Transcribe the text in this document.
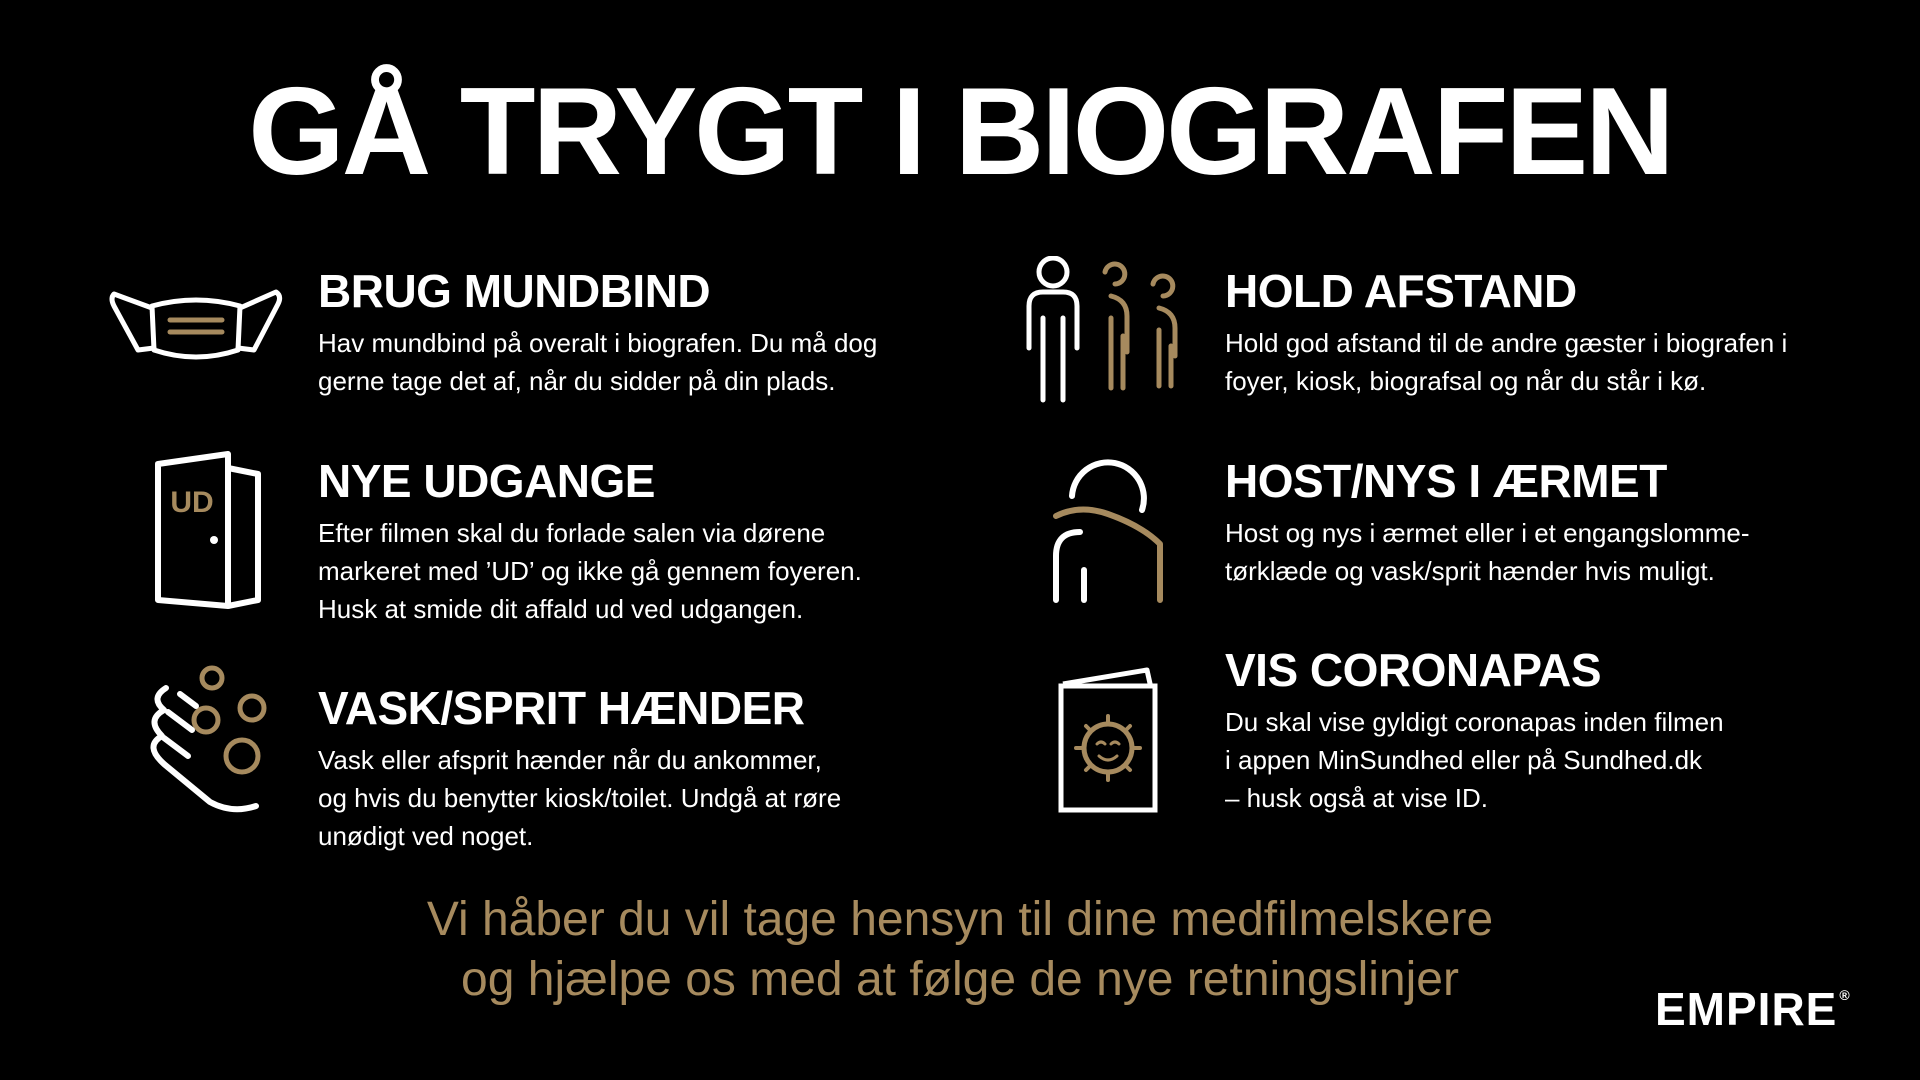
GÅ TRYGT I BIOGRAFEN
BRUG MUNDBIND
Hav mundbind på overalt i biografen. Du må dog
gerne tage det af, når du sidder på din plads.
UD NYE UDGANGE
Efter filmen skal du forlade salen via dørene
markeret med ’UD’ og ikke gå gennem foyeren.
Husk at smide dit affald ud ved udgangen.
VASK/SPRIT HÆNDER
Vask eller afsprit hænder når du ankommer,
og hvis du benytter kiosk/toilet. Undgå at røre
unødigt ved noget.
HOLD AFSTAND
Hold god afstand til de andre gæster i biografen i
foyer, kiosk, biografsal og når du står i kø.
HOST/NYS I ÆRMET
Host og nys i ærmet eller i et engangslomme-
tørklæde og vask/sprit hænder hvis muligt.
VIS CORONAPAS
Du skal vise gyldigt coronapas inden filmen
i appen MinSundhed eller på Sundhed.dk
– husk også at vise ID.
Vi håber du vil tage hensyn til dine medfilmelskere
og hjælpe os med at følge de nye retningslinjer
EMPIRE ®
